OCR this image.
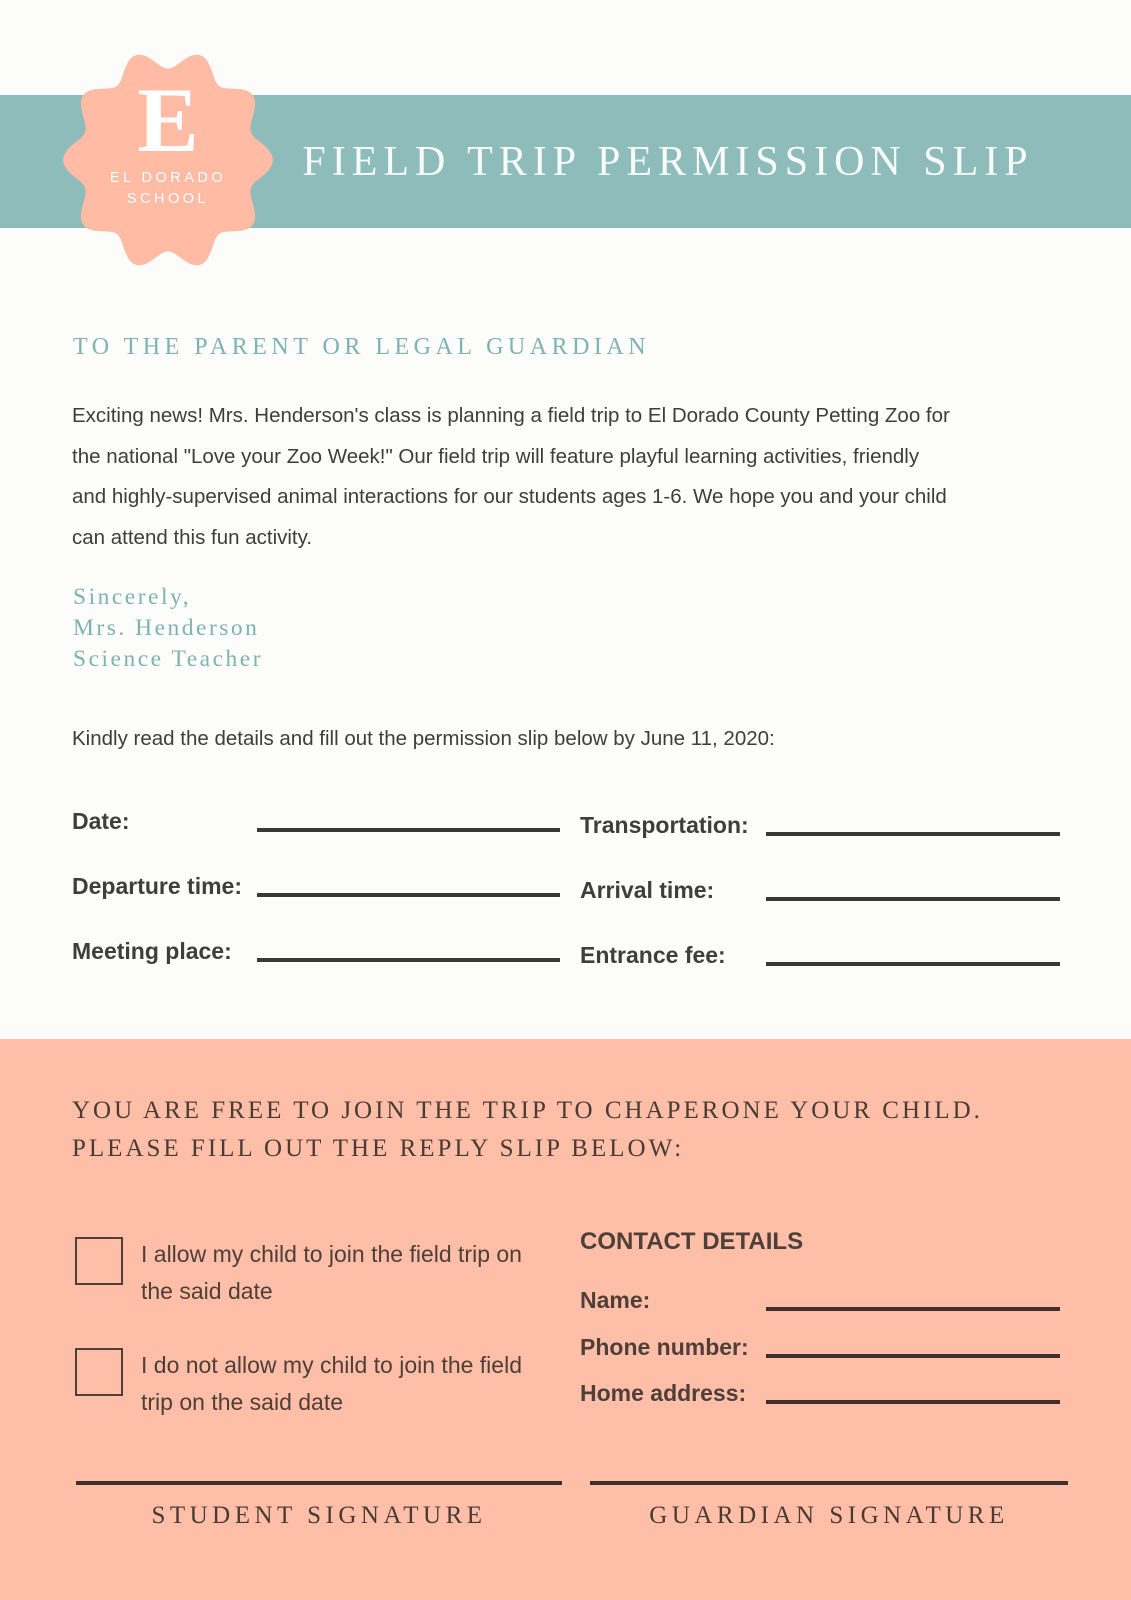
FIELD TRIP PERMISSION SLIP
E
EL DORADO
SCHOOL
TO THE PARENT OR LEGAL GUARDIAN
Exciting news! Mrs. Henderson's class is planning a field trip to El Dorado County Petting Zoo for
the national "Love your Zoo Week!" Our field trip will feature playful learning activities, friendly
and highly-supervised animal interactions for our students ages 1-6. We hope you and your child
can attend this fun activity.
Sincerely,
Mrs. Henderson
Science Teacher
Kindly read the details and fill out the permission slip below by June 11, 2020:
Date:
Departure time:
Meeting place:
Transportation:
Arrival time:
Entrance fee:
YOU ARE FREE TO JOIN THE TRIP TO CHAPERONE YOUR CHILD.
PLEASE FILL OUT THE REPLY SLIP BELOW:
I allow my child to join the field trip on the said date
I do not allow my child to join the field trip on the said date
CONTACT DETAILS
Name:
Phone number:
Home address:
STUDENT SIGNATURE	GUARDIAN SIGNATURE
